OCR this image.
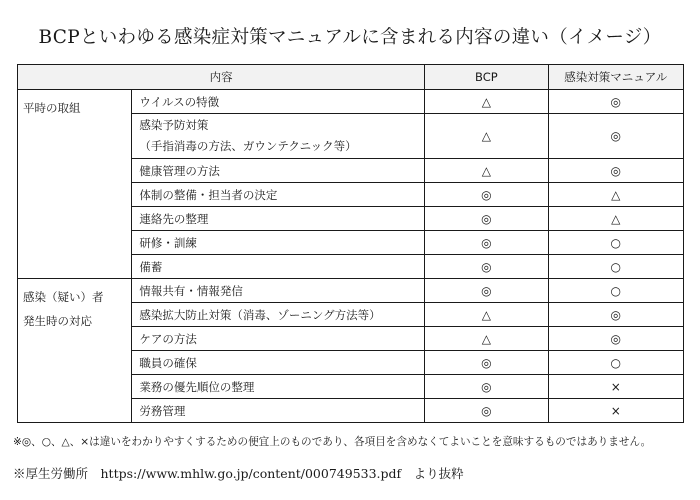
BCPといわゆる感染症対策マニュアルに含まれる内容の違い（イメージ）
内容		BCP	感染対策マニュアル

平時の取組	ウイルスの特徴	△	◎

	感染予防対策
（手指消毒の方法、ガウンテクニック等）	△	◎

	健康管理の方法	△	◎

	体制の整備・担当者の決定	◎	△

	連絡先の整理	◎	△

	研修・訓練	◎	○

	備蓄	◎	○

感染（疑い）者
発生時の対応	情報共有・情報発信	◎	○

	感染拡大防止対策（消毒、ゾーニング方法等）	△	◎

	ケアの方法	△	◎

	職員の確保	◎	○

	業務の優先順位の整理	◎	×

	労務管理	◎	×
※◎、○、△、×は違いをわかりやすくするための便宜上のものであり、各項目を含めなくてよいことを意味するものではありません。
※厚生労働所　https://www.mhlw.go.jp/content/000749533.pdf　より抜粋
